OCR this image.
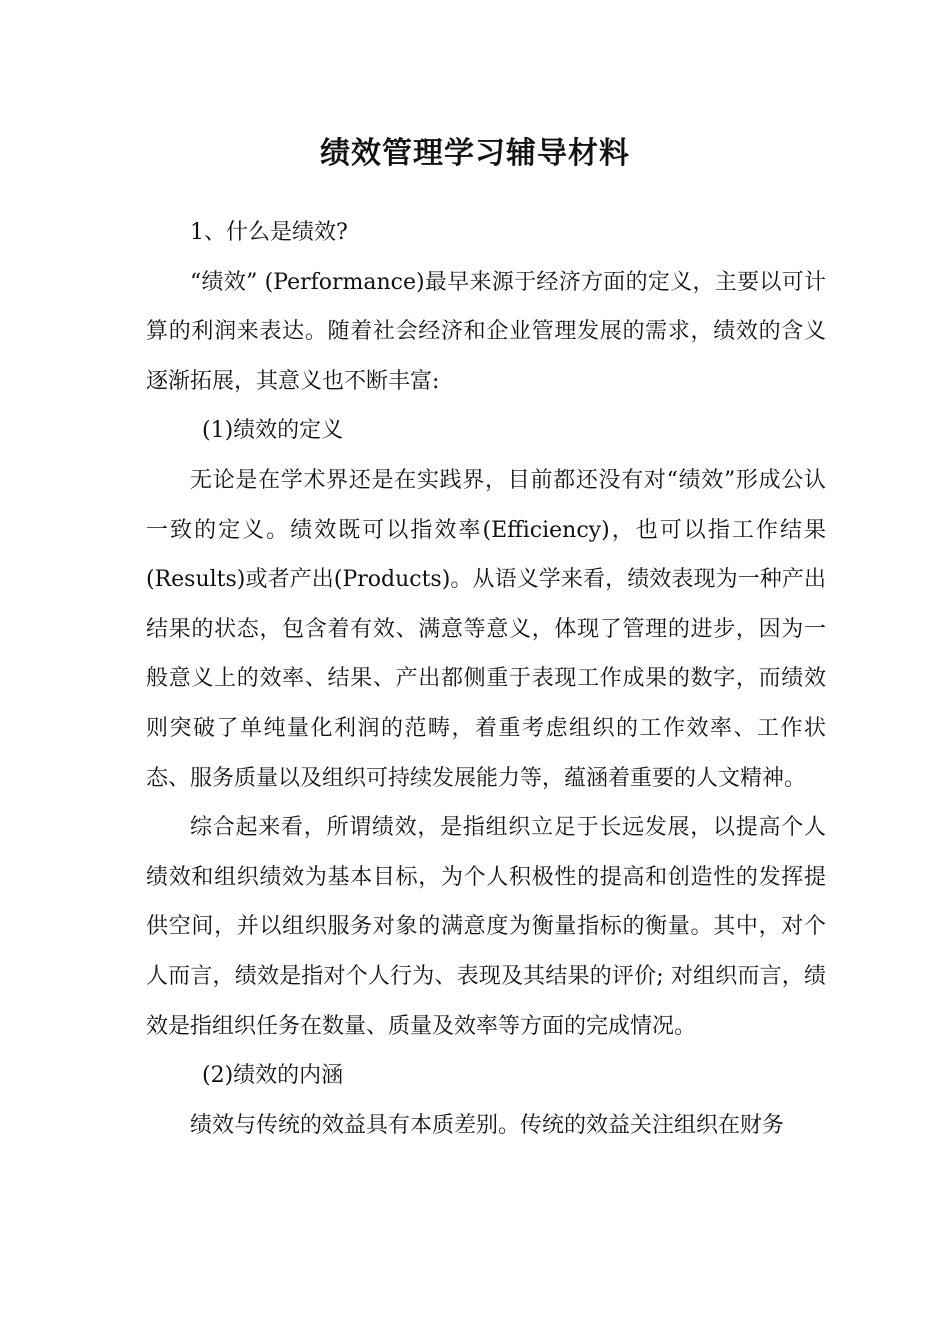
绩效管理学习辅导材料

1、什么是绩效?

“绩效” (Performance)最早来源于经济方面的定义，主要以可计算的利润来表达。随着社会经济和企业管理发展的需求，绩效的含义逐渐拓展，其意义也不断丰富:

(1)绩效的定义

无论是在学术界还是在实践界，目前都还没有对“绩效”形成公认一致的定义。绩效既可以指效率(Efficiency)，也可以指工作结果(Results)或者产出(Products)。从语义学来看，绩效表现为一种产出结果的状态，包含着有效、满意等意义，体现了管理的进步，因为一般意义上的效率、结果、产出都侧重于表现工作成果的数字，而绩效则突破了单纯量化利润的范畴，着重考虑组织的工作效率、工作状态、服务质量以及组织可持续发展能力等，蕴涵着重要的人文精神。

综合起来看，所谓绩效，是指组织立足于长远发展，以提高个人绩效和组织绩效为基本目标，为个人积极性的提高和创造性的发挥提供空间，并以组织服务对象的满意度为衡量指标的衡量。其中，对个人而言，绩效是指对个人行为、表现及其结果的评价; 对组织而言，绩效是指组织任务在数量、质量及效率等方面的完成情况。

(2)绩效的内涵

绩效与传统的效益具有本质差别。传统的效益关注组织在财务
